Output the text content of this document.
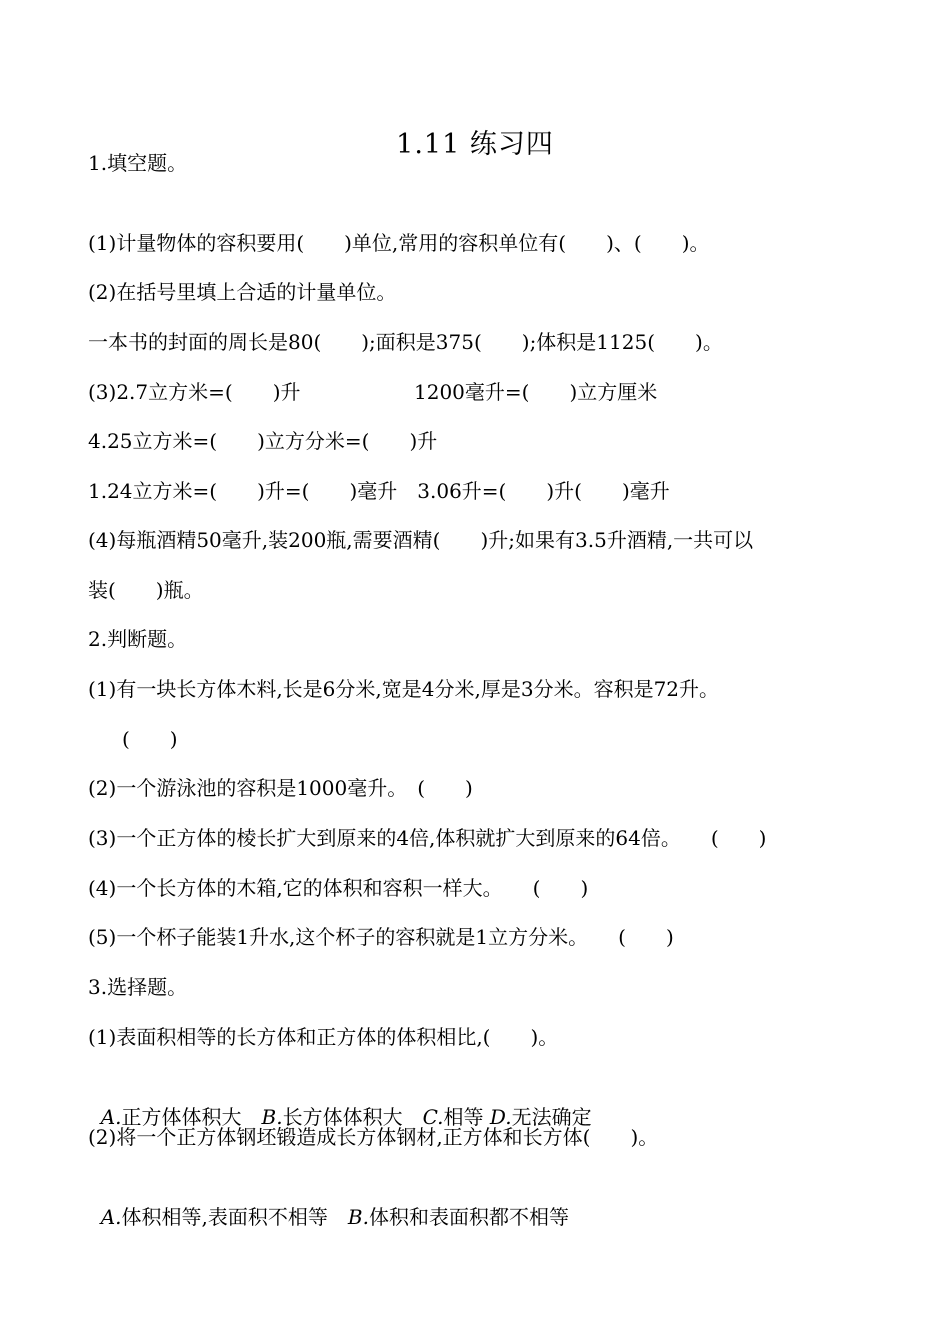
1.11 练习四
1.填空题。
(1)计量物体的容积要用(　　)单位,常用的容积单位有(　　)、(　　)。
(2)在括号里填上合适的计量单位。
一本书的封面的周长是80(　　);面积是375(　　);体积是1125(　　)。
(3)2.7立方米=(　　)升	1200毫升=(　　)立方厘米
4.25立方米=(　　)立方分米=(　　)升
1.24立方米=(　　)升=(　　)毫升　3.06升=(　　)升(　　)毫升
(4)每瓶酒精50毫升,装200瓶,需要酒精(　　)升;如果有3.5升酒精,一共可以
装(　　)瓶。
2.判断题。
(1)有一块长方体木料,长是6分米,宽是4分米,厚是3分米。容积是72升。
(　　)
(2)一个游泳池的容积是1000毫升。　(　　)
(3)一个正方体的棱长扩大到原来的4倍,体积就扩大到原来的64倍。　　(　　)
(4)一个长方体的木箱,它的体积和容积一样大。　　(　　)
(5)一个杯子能装1升水,这个杯子的容积就是1立方分米。　　(　　)
3.选择题。
(1)表面积相等的长方体和正方体的体积相比,(　　)。

A.正方体体积大　 B.长方体体积大　 C.相等 D.无法确定

(2)将一个正方体钢坯锻造成长方体钢材,正方体和长方体(　　)。

A.体积相等,表面积不相等　 B.体积和表面积都不相等
